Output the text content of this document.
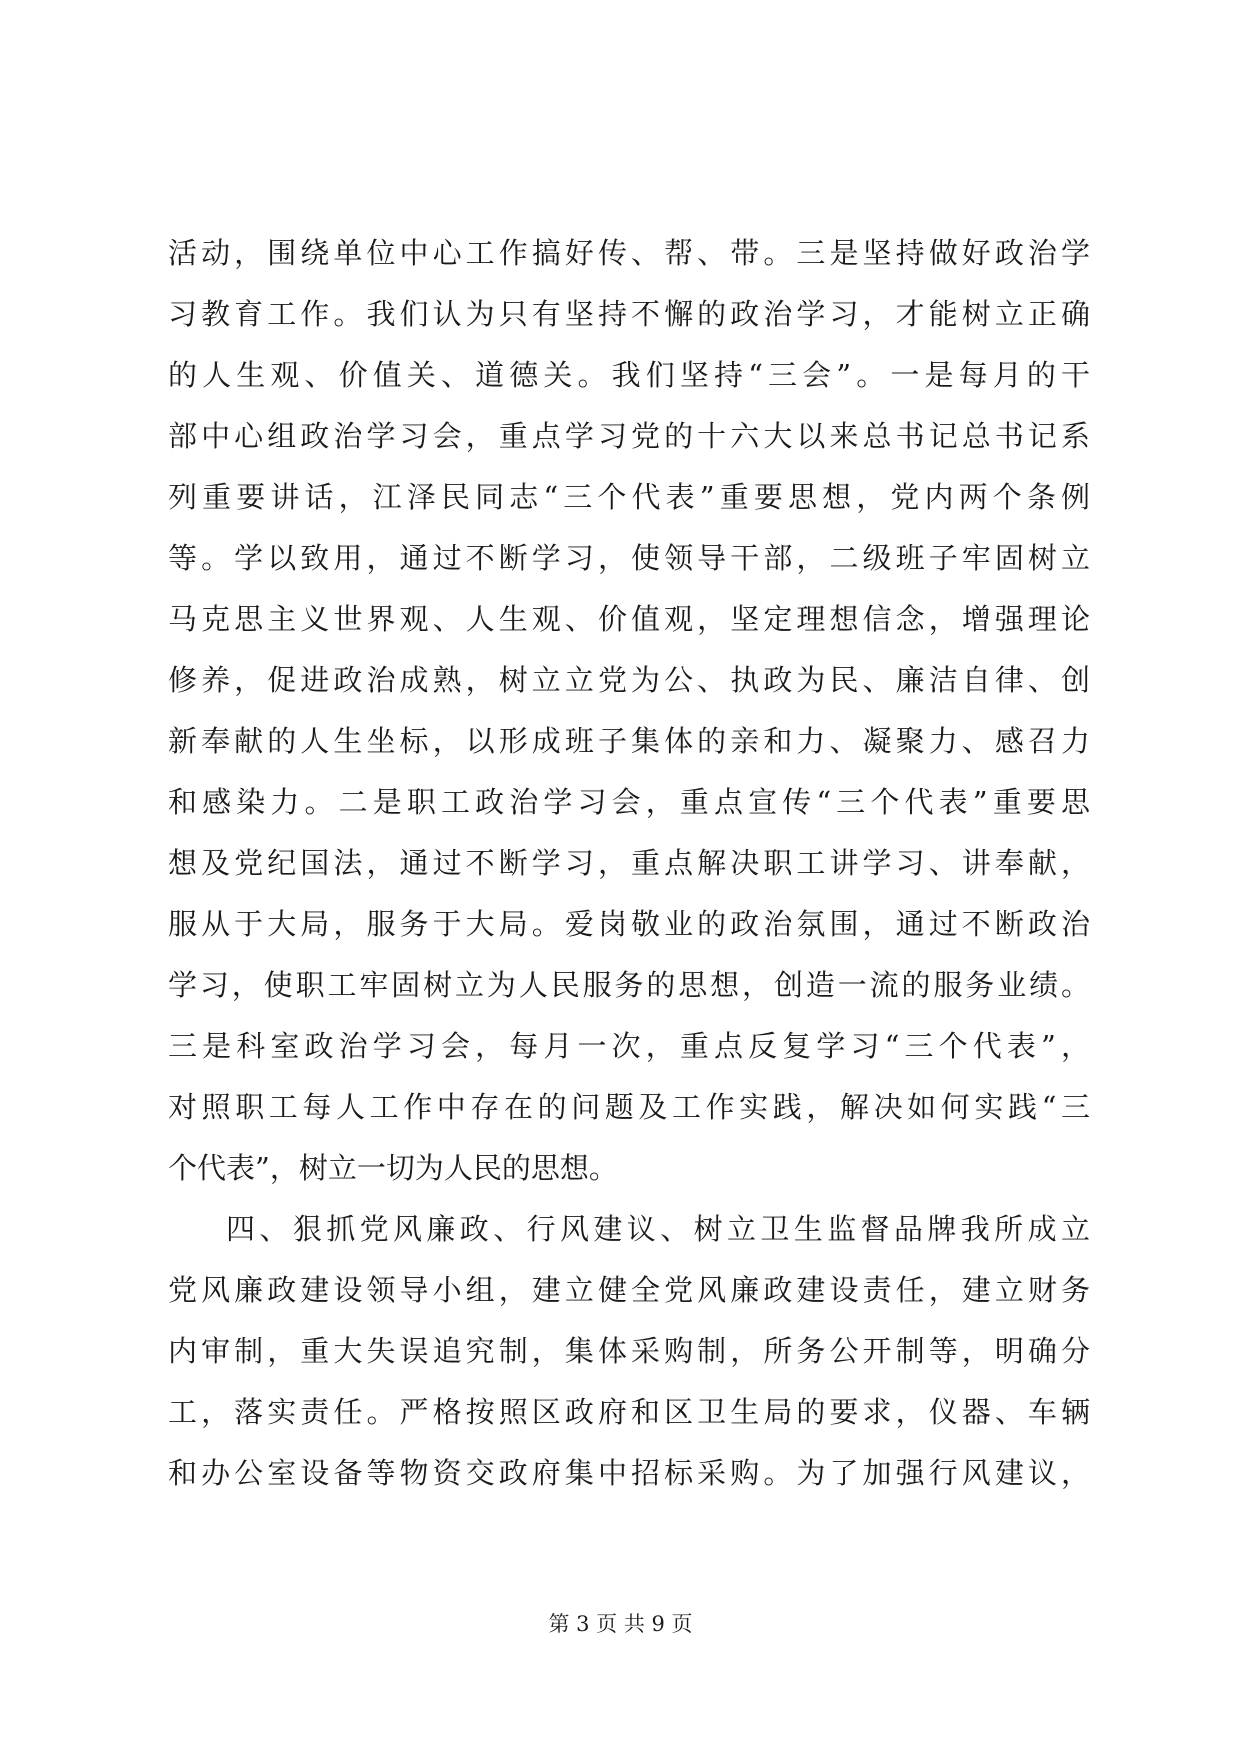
活动，围绕单位中心工作搞好传、帮、带。三是坚持做好政治学
习教育工作。我们认为只有坚持不懈的政治学习，才能树立正确
的人生观、价值关、道德关。我们坚持“三会”。一是每月的干
部中心组政治学习会，重点学习党的十六大以来总书记总书记系
列重要讲话，江泽民同志“三个代表”重要思想，党内两个条例
等。学以致用，通过不断学习，使领导干部，二级班子牢固树立
马克思主义世界观、人生观、价值观，坚定理想信念，增强理论
修养，促进政治成熟，树立立党为公、执政为民、廉洁自律、创
新奉献的人生坐标，以形成班子集体的亲和力、凝聚力、感召力
和感染力。二是职工政治学习会，重点宣传“三个代表”重要思
想及党纪国法，通过不断学习，重点解决职工讲学习、讲奉献，
服从于大局，服务于大局。爱岗敬业的政治氛围，通过不断政治
学习，使职工牢固树立为人民服务的思想，创造一流的服务业绩。
三是科室政治学习会，每月一次，重点反复学习“三个代表”，
对照职工每人工作中存在的问题及工作实践，解决如何实践“三
个代表”，树立一切为人民的思想。
四、狠抓党风廉政、行风建议、树立卫生监督品牌我所成立
党风廉政建设领导小组，建立健全党风廉政建设责任，建立财务
内审制，重大失误追究制，集体采购制，所务公开制等，明确分
工，落实责任。严格按照区政府和区卫生局的要求，仪器、车辆
和办公室设备等物资交政府集中招标采购。为了加强行风建议，
第 3 页 共 9 页
